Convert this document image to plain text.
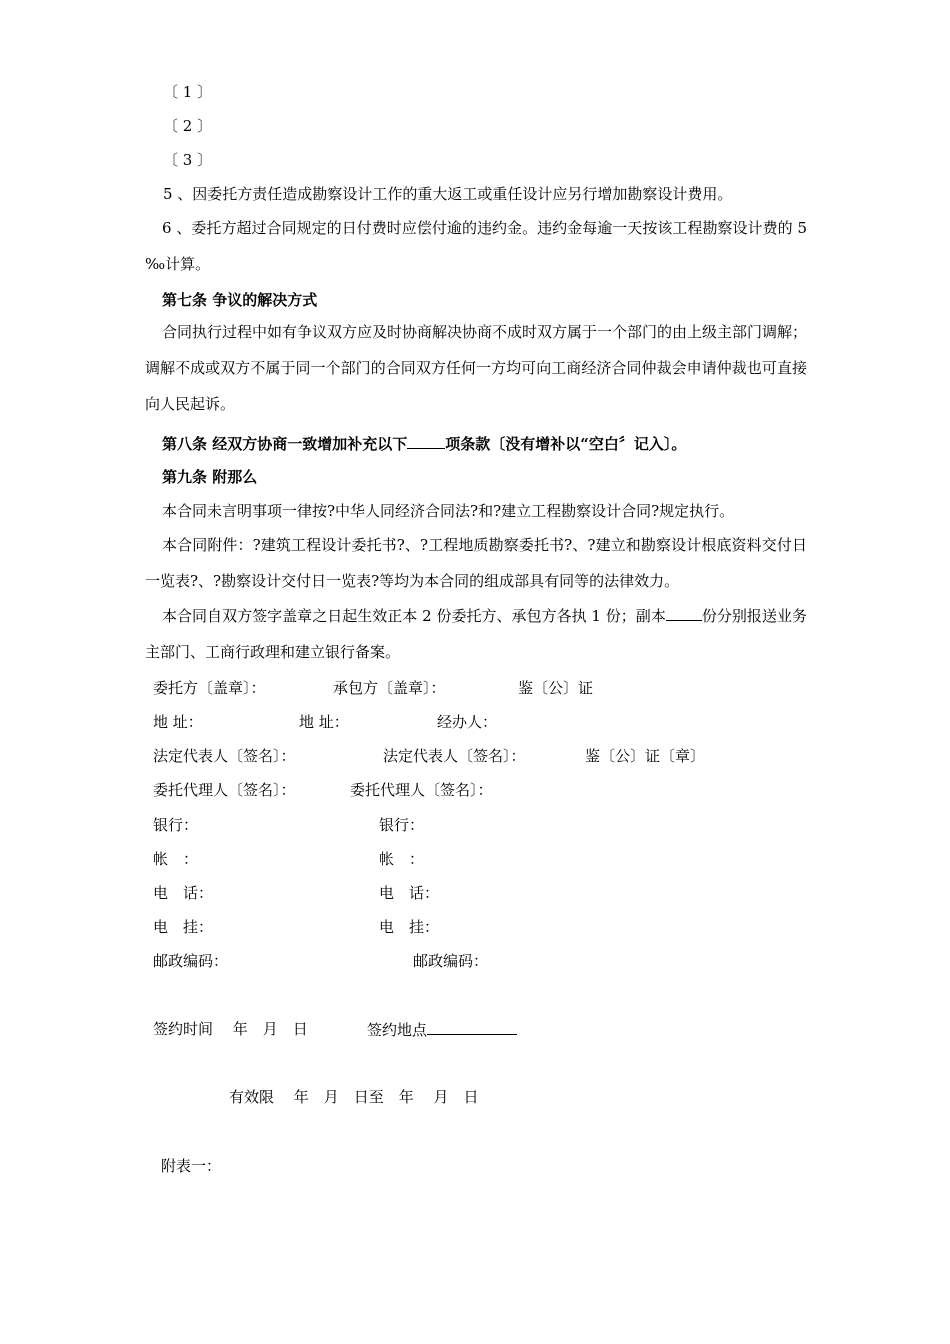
〔 1 〕
〔 2 〕
〔 3 〕
5 、因委托方责任造成勘察设计工作的重大返工或重任设计应另行增加勘察设计费用。
6 、委托方超过合同规定的日付费时应偿付逾的违约金。违约金每逾一天按该工程勘察设计费的 5 ‰计算。
第七条 争议的解决方式
合同执行过程中如有争议双方应及时协商解决协商不成时双方属于一个部门的由上级主部门调解；调解不成或双方不属于同一个部门的合同双方任何一方均可向工商经济合同仲裁会申请仲裁也可直接向人民起诉。
第八条 经双方协商一致增加补充以下	项条款〔没有增补以“空白〞记入〕。
第九条 附那么
本合同未言明事项一律按?中华人同经济合同法?和?建立工程勘察设计合同?规定执行。
本合同附件：?建筑工程设计委托书?、?工程地质勘察委托书?、?建立和勘察设计根底资料交付日一览表?、?勘察设计交付日一览表?等均为本合同的组成部具有同等的法律效力。
本合同自双方签字盖章之日起生效正本 2 份委托方、承包方各执 1 份；副本 份分别报送业务主部门、工商行政理和建立银行备案。
委托方〔盖章〕：	承包方〔盖章〕：	鉴〔公〕证
地 址：	地 址：	经办人：
法定代表人〔签名〕：	法定代表人〔签名〕：	鉴〔公〕证〔章〕
委托代理人〔签名〕：	委托代理人〔签名〕：
银行：	银行：
帐　：	帐　：
电　话：	电　话：
电　挂：	电　挂：
邮政编码：	邮政编码：
签约时间　 年　月　日	签约地点
有效限　 年　月　日至　年　 月　日
附表一：
